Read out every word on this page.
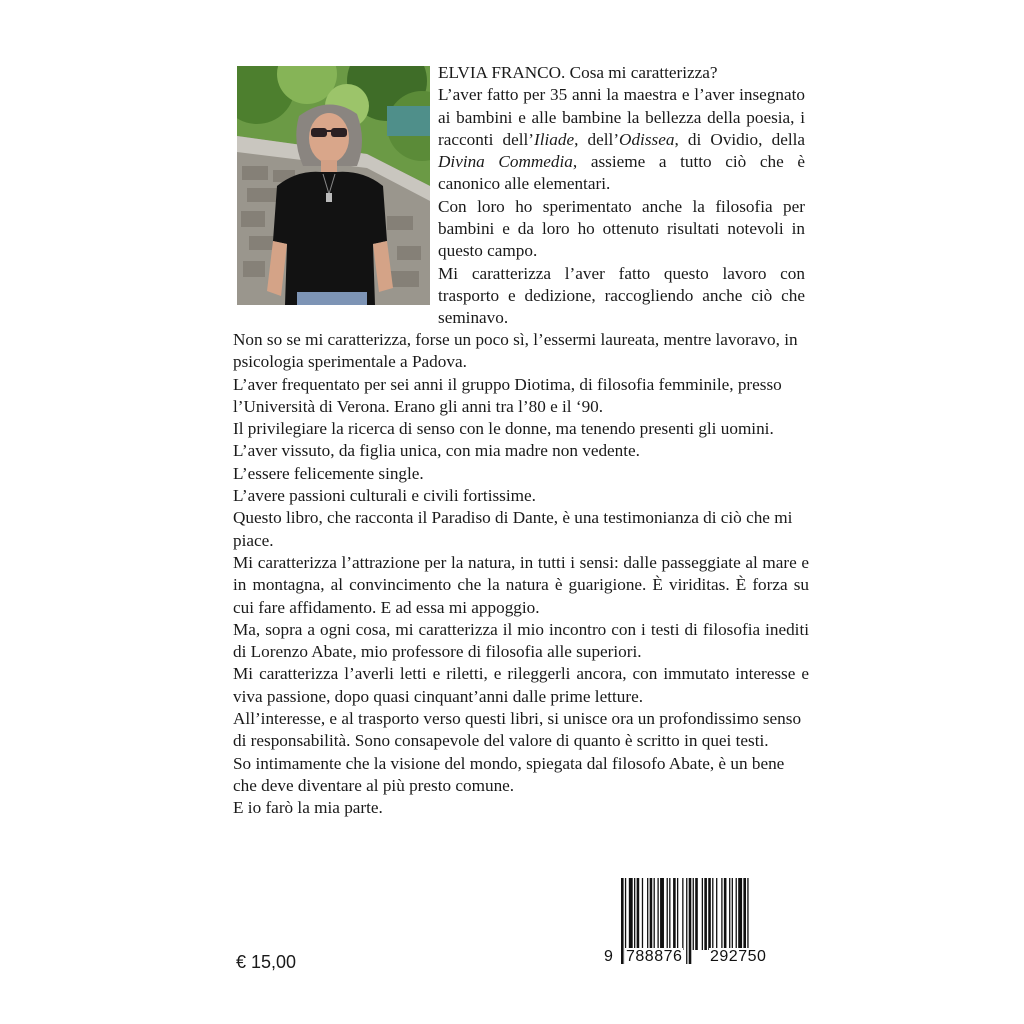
ELVIA FRANCO. Cosa mi caratterizza?

L’aver fatto per 35 anni la maestra e l’aver insegnato ai bambini e alle bambine la bellezza della poesia, i racconti dell’Iliade, dell’Odissea, di Ovidio, della Divina Commedia, assieme a tutto ciò che è canonico alle elementari.

Con loro ho sperimentato anche la filosofia per bambini e da loro ho ottenuto risultati notevoli in questo campo.

Mi caratterizza l’aver fatto questo lavoro con trasporto e dedizione, raccogliendo anche ciò che seminavo.

Non so se mi caratterizza, forse un poco sì, l’essermi laureata, mentre lavoravo, in psicologia sperimentale a Padova.

L’aver frequentato per sei anni il gruppo Diotima, di filosofia femminile, presso l’Università di Verona. Erano gli anni tra l’80 e il ‘90.

Il privilegiare la ricerca di senso con le donne, ma tenendo presenti gli uomini.

L’aver vissuto, da figlia unica, con mia madre non vedente.

L’essere felicemente single.

L’avere passioni culturali e civili fortissime.

Questo libro, che racconta il Paradiso di Dante, è una testimonianza di ciò che mi piace.

Mi caratterizza l’attrazione per la natura, in tutti i sensi: dalle passeggiate al mare e in montagna, al convincimento che la natura è guarigione. È viriditas. È forza su cui fare affidamento. E ad essa mi appoggio.

Ma, sopra a ogni cosa, mi caratterizza il mio incontro con i testi di filosofia inediti di Lorenzo Abate, mio professore di filosofia alle superiori.

Mi caratterizza l’averli letti e riletti, e rileggerli ancora, con immutato interesse e viva passione, dopo quasi cinquant’anni dalle prime letture.

All’interesse, e al trasporto verso questi libri, si unisce ora un profondissimo senso di responsabilità. Sono consapevole del valore di quanto è scritto in quei testi.

So intimamente che la visione del mondo, spiegata dal filosofo Abate, è un bene che deve diventare al più presto comune.

E io farò la mia parte.

€ 15,00	9 788876 292750
